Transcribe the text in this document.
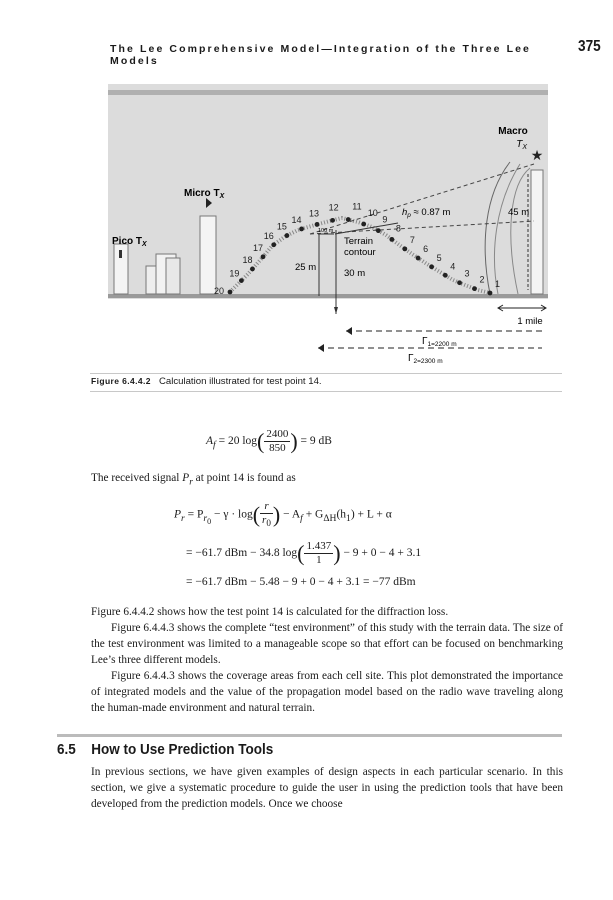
The Lee Comprehensive Model—Integration of the Three Lee Models
375
★
20
19
18
17
16
15
14
13
12 11
10
9
8
7
6
5
4
3
2 1
Macro
$T_X$
Micro $T_X$
Pico $T_X$
$h_p \approx 0.87$ m	45 m
25 m
30 m
Terrain
contour
100 m
1 mile
$\Gamma_{1=2200 m}$
$\Gamma_{2=2300 m}$
Figure 6.4.4.2 Calculation illustrated for test point 14.
$A_f = 20$ $\log( \frac{2400}{850}$ ) = 9 dB
The received signal $P_r$ at point 14 is found as
$P_r = P_{r_0} - \gamma \cdot \log( \frac{r}{r_0}$ ) − $A_f + G_{\Delta H}(h_1) + L + \alpha$
= −61.7 dBm − 34.8 $\log( \frac{1.437}{1}$ ) − 9 + 0 − 4 + 3.1
= −61.7 dBm − 5.48 − 9 + 0 − 4 + 3.1 = −77 dBm
Figure 6.4.4.2 shows how the test point 14 is calculated for the diffraction loss.
Figure 6.4.4.3 shows the complete “test environment” of this study with the terrain data. The size of the test environment was limited to a manageable scope so that effort can be focused on benchmarking Lee’s three different models.
Figure 6.4.4.3 shows the coverage areas from each cell site. This plot demonstrated the importance of integrated models and the value of the propagation model based on the radio wave traveling along the human-made environment and natural terrain.
6.5 How to Use Prediction Tools
In previous sections, we have given examples of design aspects in each particular scenario. In this section, we give a systematic procedure to guide the user in using the prediction tools that have been developed from the prediction models. Once we choose
